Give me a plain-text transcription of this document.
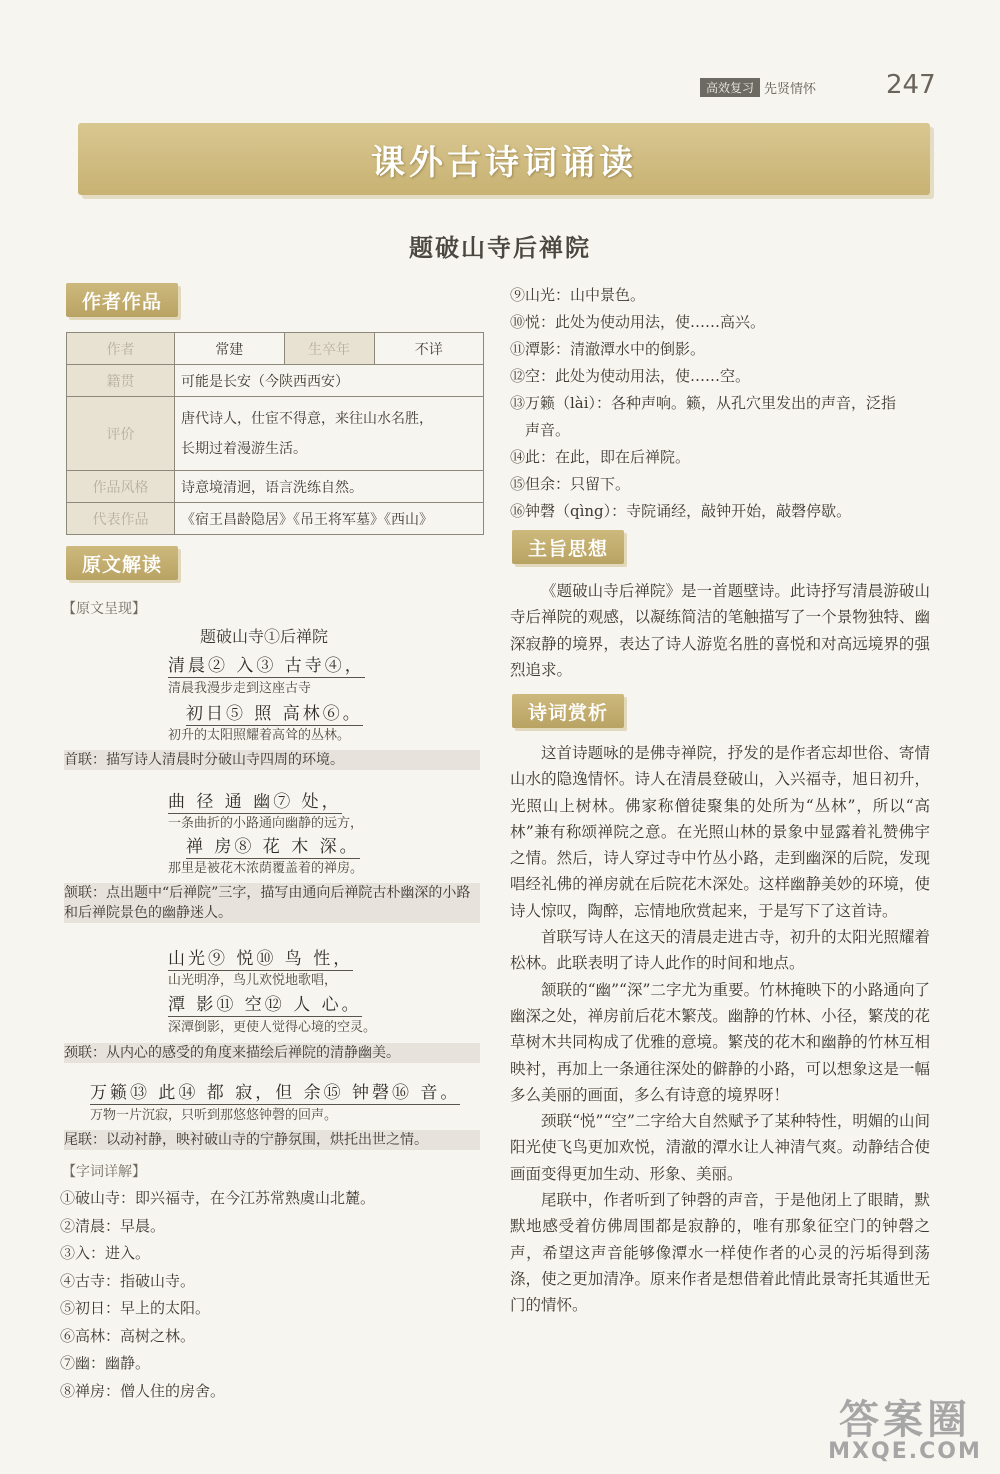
高效复习 先贤情怀	247
课外古诗词诵读
题破山寺后禅院
作者作品
作者	常建	生卒年	不详
籍贯	可能是长安（今陕西西安）		
评价	唐代诗人，仕宦不得意，来往山水名胜，
长期过着漫游生活。		

作品风格	诗意境清迥，语言洗练自然。		
代表作品	《宿王昌龄隐居》《吊王将军墓》《西山》		
原文解读
【原文呈现】
题破山寺①后禅院
清晨② 入③ 古寺④，
清晨我漫步走到这座古寺
初日⑤ 照 高林⑥。
初升的太阳照耀着高耸的丛林。
首联：描写诗人清晨时分破山寺四周的环境。
曲 径 通 幽⑦ 处，
一条曲折的小路通向幽静的远方，
禅 房⑧ 花 木 深。
那里是被花木浓荫覆盖着的禅房。
颔联：点出题中“后禅院”三字，描写由通向后禅院古朴幽深的小路和后禅院景色的幽静迷人。
山光⑨ 悦⑩ 鸟 性，
山光明净，鸟儿欢悦地歌唱，
潭 影⑪ 空⑫ 人 心。
深潭倒影，更使人觉得心境的空灵。
颈联：从内心的感受的角度来描绘后禅院的清静幽美。
万籁⑬ 此⑭ 都 寂，但 余⑮ 钟磬⑯ 音。
万物一片沉寂，只听到那悠悠钟磬的回声。
尾联：以动衬静，映衬破山寺的宁静氛围，烘托出世之情。
【字词详解】
①破山寺：即兴福寺，在今江苏常熟虞山北麓。
②清晨：早晨。
③入：进入。
④古寺：指破山寺。
⑤初日：早上的太阳。
⑥高林：高树之林。
⑦幽：幽静。
⑧禅房：僧人住的房舍。
⑨山光：山中景色。
⑩悦：此处为使动用法，使……高兴。
⑪潭影：清澈潭水中的倒影。
⑫空：此处为使动用法，使……空。
⑬万籁（lài）：各种声响。籁，从孔穴里发出的声音，泛指
　声音。
⑭此：在此，即在后禅院。
⑮但余：只留下。
⑯钟磬（qìng）：寺院诵经，敲钟开始，敲磬停歇。
主旨思想

《题破山寺后禅院》是一首题壁诗。此诗抒写清晨游破山寺后禅院的观感，以凝练简洁的笔触描写了一个景物独特、幽深寂静的境界，表达了诗人游览名胜的喜悦和对高远境界的强烈追求。

诗词赏析

这首诗题咏的是佛寺禅院，抒发的是作者忘却世俗、寄情山水的隐逸情怀。诗人在清晨登破山，入兴福寺，旭日初升，光照山上树林。佛家称僧徒聚集的处所为“丛林”，所以“高林”兼有称颂禅院之意。在光照山林的景象中显露着礼赞佛宇之情。然后，诗人穿过寺中竹丛小路，走到幽深的后院，发现唱经礼佛的禅房就在后院花木深处。这样幽静美妙的环境，使诗人惊叹，陶醉，忘情地欣赏起来，于是写下了这首诗。

首联写诗人在这天的清晨走进古寺，初升的太阳光照耀着松林。此联表明了诗人此作的时间和地点。

颔联的“幽”“深”二字尤为重要。竹林掩映下的小路通向了幽深之处，禅房前后花木繁茂。幽静的竹林、小径，繁茂的花草树木共同构成了优雅的意境。繁茂的花木和幽静的竹林互相映衬，再加上一条通往深处的僻静的小路，可以想象这是一幅多么美丽的画面，多么有诗意的境界呀！

颈联“悦”“空”二字给大自然赋予了某种特性，明媚的山间阳光使飞鸟更加欢悦，清澈的潭水让人神清气爽。动静结合使画面变得更加生动、形象、美丽。

尾联中，作者听到了钟磬的声音，于是他闭上了眼睛，默默地感受着仿佛周围都是寂静的，唯有那象征空门的钟磬之声，希望这声音能够像潭水一样使作者的心灵的污垢得到荡涤，使之更加清净。原来作者是想借着此情此景寄托其遁世无门的情怀。

答案圈
MXQE.COM
